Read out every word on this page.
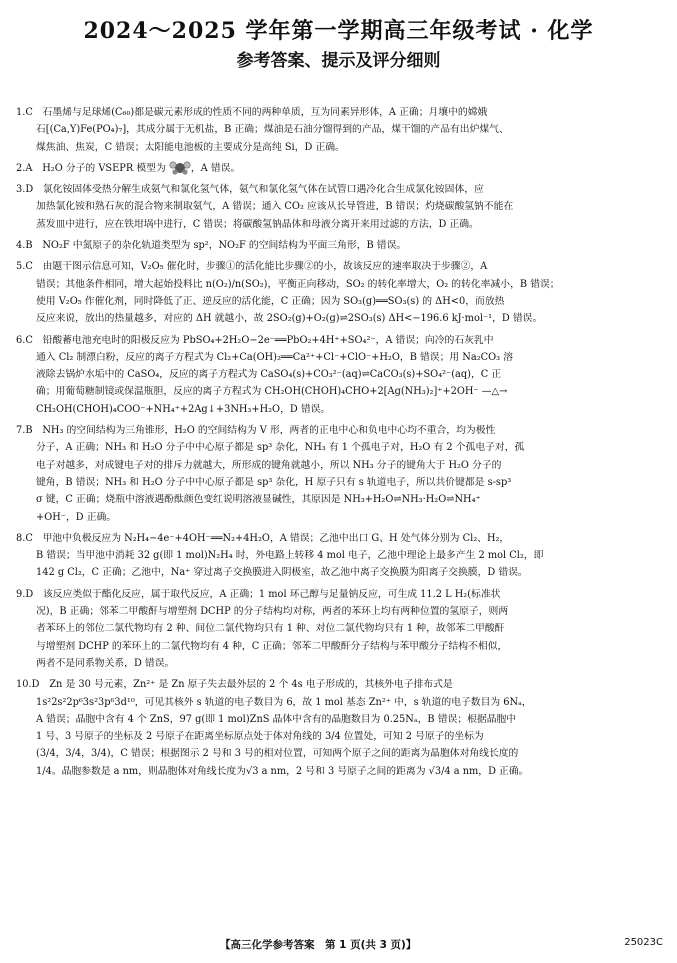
2024～2025 学年第一学期高三年级考试 · 化学
参考答案、提示及评分细则
1.C　石墨烯与足球烯(C₆₀)都是碳元素形成的性质不同的两种单质，互为同素异形体，A 正确；月壤中的嫦娥
石[(Ca,Y)Fe(PO₄)₇]，其成分属于无机盐，B 正确；煤油是石油分馏得到的产品，煤干馏的产品有出炉煤气、
煤焦油、焦炭，C 错误；太阳能电池板的主要成分是高纯 Si，D 正确。
2.A　H₂O 分子的 VSEPR 模型为 ，A 错误。
3.D　氯化铵固体受热分解生成氨气和氯化氢气体，氨气和氯化氢气体在试管口遇冷化合生成氯化铵固体，应
加热氯化铵和熟石灰的混合物来制取氨气，A 错误；通入 CO₂ 应该从长导管进，B 错误；灼烧碳酸氢钠不能在
蒸发皿中进行，应在铁坩埚中进行，C 错误；将碳酸氢钠晶体和母液分离开来用过滤的方法，D 正确。
4.B　NO₂F 中氮原子的杂化轨道类型为 sp²，NO₂F 的空间结构为平面三角形，B 错误。
5.C　由题干图示信息可知，V₂O₅ 催化时，步骤①的活化能比步骤②的小，故该反应的速率取决于步骤②，A
错误；其他条件相同，增大起始投料比 n(O₂)/n(SO₂)，平衡正向移动，SO₂ 的转化率增大，O₂ 的转化率减小，B 错误；
使用 V₂O₅ 作催化剂，同时降低了正、逆反应的活化能，C 正确；因为 SO₃(g)══SO₃(s) 的 ΔH<0，而放热
反应来说，放出的热量越多，对应的 ΔH 就越小，故 2SO₂(g)+O₂(g)⇌2SO₃(s) ΔH<−196.6 kJ·mol⁻¹，D 错误。
6.C　铅酸蓄电池充电时的阳极反应为 PbSO₄+2H₂O−2e⁻══PbO₂+4H⁺+SO₄²⁻，A 错误；向冷的石灰乳中
通入 Cl₂ 制漂白粉，反应的离子方程式为 Cl₂+Ca(OH)₂══Ca²⁺+Cl⁻+ClO⁻+H₂O，B 错误；用 Na₂CO₃ 溶
液除去锅炉水垢中的 CaSO₄，反应的离子方程式为 CaSO₄(s)+CO₃²⁻(aq)⇌CaCO₃(s)+SO₄²⁻(aq)，C 正
确；用葡萄糖制镜或保温瓶胆，反应的离子方程式为 CH₂OH(CHOH)₄CHO+2[Ag(NH₃)₂]⁺+2OH⁻ —△→
CH₂OH(CHOH)₄COO⁻+NH₄⁺+2Ag↓+3NH₃+H₂O，D 错误。
7.B　NH₃ 的空间结构为三角锥形，H₂O 的空间结构为 V 形，两者的正电中心和负电中心均不重合，均为极性
分子，A 正确；NH₃ 和 H₂O 分子中中心原子都是 sp³ 杂化，NH₃ 有 1 个孤电子对，H₂O 有 2 个孤电子对，孤
电子对越多，对成键电子对的排斥力就越大，所形成的键角就越小，所以 NH₃ 分子的键角大于 H₂O 分子的
键角，B 错误；NH₃ 和 H₂O 分子中中心原子都是 sp³ 杂化，H 原子只有 s 轨道电子，所以共价键都是 s-sp³
σ 键，C 正确；烧瓶中溶液遇酚酞颜色变红说明溶液显碱性，其原因是 NH₃+H₂O⇌NH₃·H₂O⇌NH₄⁺
+OH⁻，D 正确。
8.C　甲池中负极反应为 N₂H₄−4e⁻+4OH⁻══N₂+4H₂O，A 错误；乙池中出口 G、H 处气体分别为 Cl₂、H₂，
B 错误；当甲池中消耗 32 g(即 1 mol)N₂H₄ 时，外电路上转移 4 mol 电子，乙池中理论上最多产生 2 mol Cl₂，即
142 g Cl₂，C 正确；乙池中，Na⁺ 穿过离子交换膜进入阴极室，故乙池中离子交换膜为阳离子交换膜，D 错误。
9.D　该反应类似于酯化反应，属于取代反应，A 正确；1 mol 环己醇与足量钠反应，可生成 11.2 L H₂(标准状
况)，B 正确；邻苯二甲酸酐与增塑剂 DCHP 的分子结构均对称，两者的苯环上均有两种位置的氢原子，则两
者苯环上的邻位二氯代物均有 2 种、间位二氯代物均只有 1 种、对位二氯代物均只有 1 种，故邻苯二甲酸酐
与增塑剂 DCHP 的苯环上的二氯代物均有 4 种，C 正确；邻苯二甲酸酐分子结构与苯甲酸分子结构不相似，
两者不是同系物关系，D 错误。
10.D　Zn 是 30 号元素，Zn²⁺ 是 Zn 原子失去最外层的 2 个 4s 电子形成的，其核外电子排布式是
1s²2s²2p⁶3s²3p⁶3d¹⁰，可见其核外 s 轨道的电子数目为 6，故 1 mol 基态 Zn²⁺ 中，s 轨道的电子数目为 6Nₐ，
A 错误；晶胞中含有 4 个 ZnS，97 g(即 1 mol)ZnS 晶体中含有的晶胞数目为 0.25Nₐ，B 错误；根据晶胞中
1 号、3 号原子的坐标及 2 号原子在距离坐标原点处于体对角线的 3/4 位置处，可知 2 号原子的坐标为
(3/4，3/4，3/4)，C 错误；根据图示 2 号和 3 号的相对位置，可知两个原子之间的距离为晶胞体对角线长度的
1/4。晶胞参数是 a nm，则晶胞体对角线长度为√3 a nm，2 号和 3 号原子之间的距离为 √3/4 a nm，D 正确。
【高三化学参考答案　第 1 页(共 3 页)】	25023C
